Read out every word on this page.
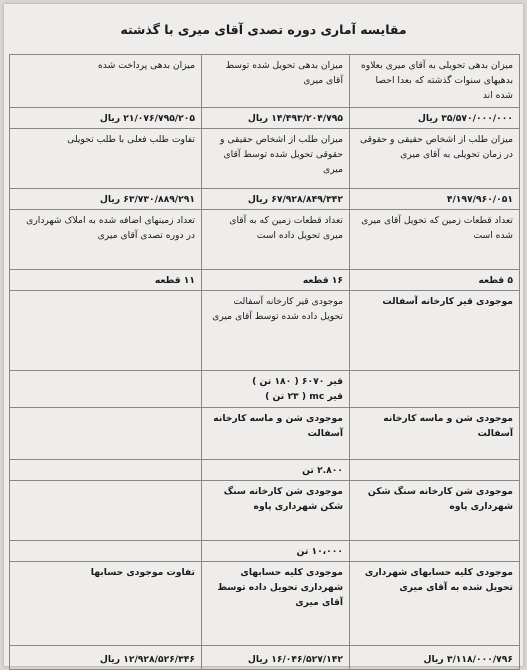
مقایسه آماری دوره تصدی آقای میری با گذشته
میزان بدهی تحویلی به آقای میری بعلاوه بدهیهای سنوات گذشته که بعدا احصا شده اند	میزان بدهی تحویل شده توسط آقای میری	میزان بدهی پرداخت شده
۳۵/۵۷۰/۰۰۰/۰۰۰ ریال	۱۴/۴۹۳/۲۰۴/۷۹۵ ریال	۲۱/۰۷۶/۷۹۵/۲۰۵ ریال
میزان طلب از اشخاص حقیقی و حقوقی در زمان تحویلی به آقای میری	میزان طلب از اشخاص حقیقی و حقوقی تحویل شده توسط آقای میری	تفاوت طلب فعلی با طلب تحویلی
۴/۱۹۷/۹۶۰/۰۵۱	۶۷/۹۲۸/۸۴۹/۳۴۲ ریال	۶۳/۷۳۰/۸۸۹/۲۹۱ ریال
تعداد قطعات زمین که تحویل آقای میری شده است	تعداد قطعات زمین که به آقای میری تحویل داده است	تعداد زمینهای اضافه شده به املاک شهرداری در دوره تصدی آقای میری
۵ قطعه	۱۶ قطعه	۱۱ قطعه
موجودی قیر کارخانه آسفالت	موجودی قیر کارخانه آسفالت تحویل داده شده توسط آقای میری	
	قیر ۶۰۷۰ ( ۱۸۰ تن )
قیر mc ( ۲۳ تن )	
موجودی شن و ماسه کارخانه آسفالت	موجودی شن و ماسه کارخانه آسفالت	
	۲.۸۰۰ تن	
موجودی شن کارخانه سنگ شکن شهرداری پاوه	موجودی شن کارخانه سنگ شکن شهرداری پاوه	
	۱۰،۰۰۰ تن	
موجودی کلیه حسابهای شهرداری تحویل شده به آقای میری	موجودی کلیه حسابهای شهرداری تحویل داده توسط آقای میری	تفاوت موجودی حسابها
۳/۱۱۸/۰۰۰/۷۹۶ ریال	۱۶/۰۴۶/۵۲۷/۱۴۲ ریال	۱۲/۹۲۸/۵۲۶/۳۴۶ ریال
